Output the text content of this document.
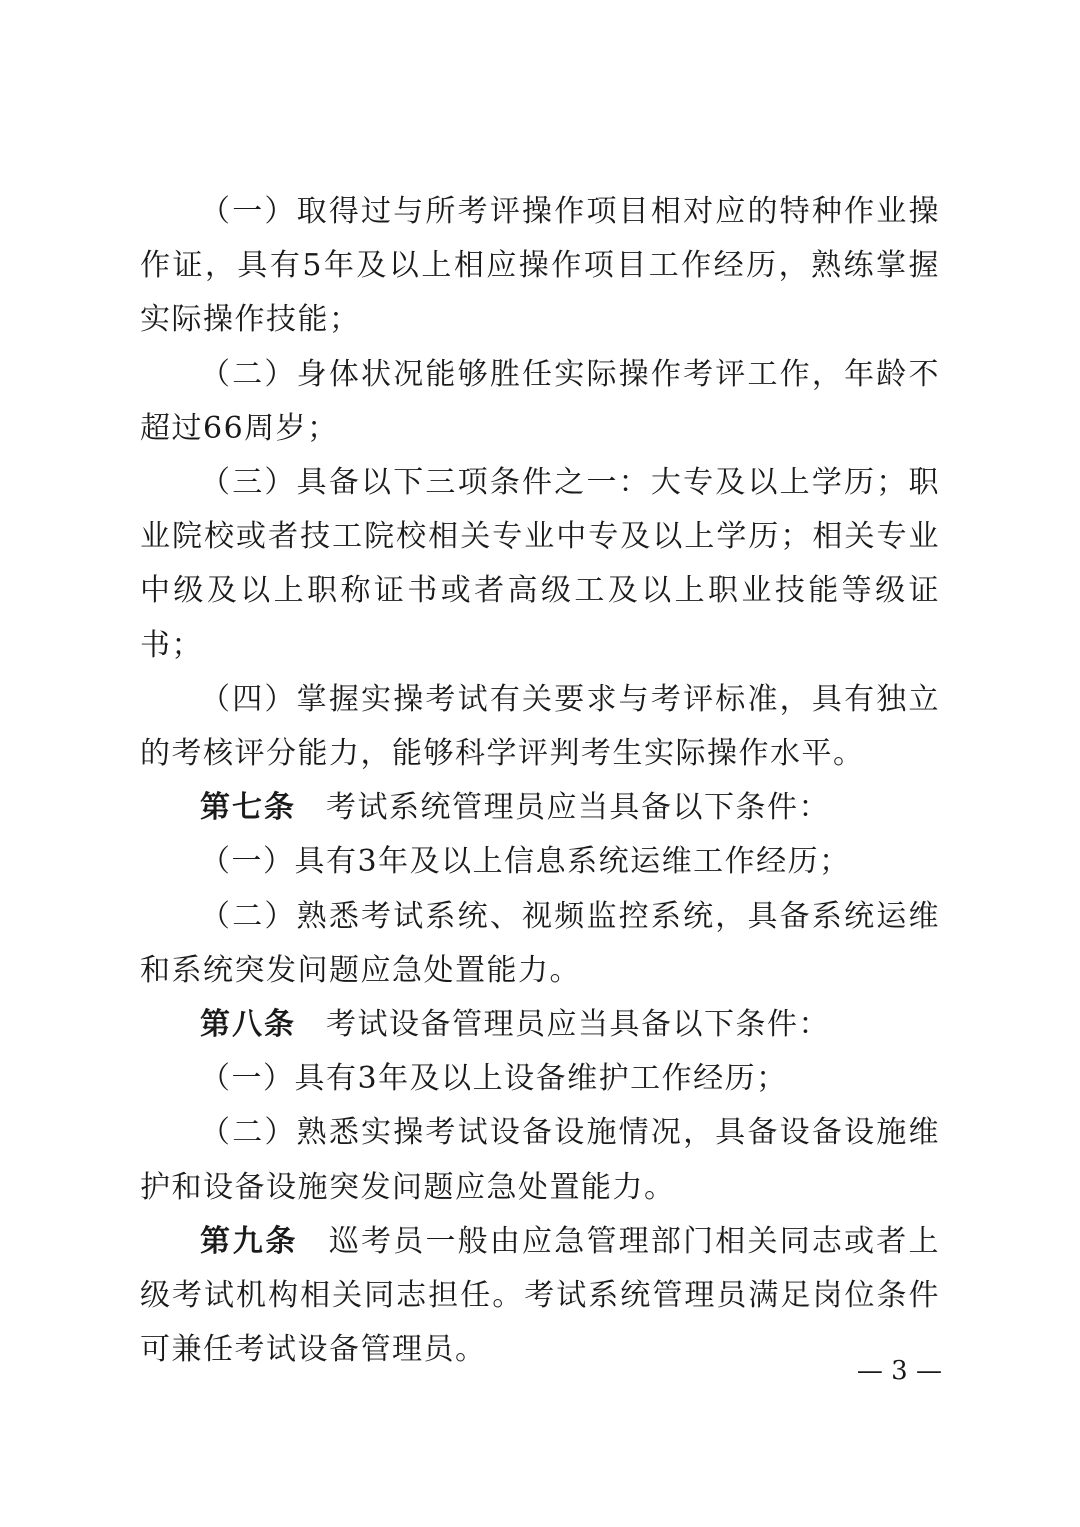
（一）取得过与所考评操作项目相对应的特种作业操作证，具有5年及以上相应操作项目工作经历，熟练掌握实际操作技能；

（二）身体状况能够胜任实际操作考评工作，年龄不超过66周岁；

（三）具备以下三项条件之一：大专及以上学历；职业院校或者技工院校相关专业中专及以上学历；相关专业中级及以上职称证书或者高级工及以上职业技能等级证书；

（四）掌握实操考试有关要求与考评标准，具有独立的考核评分能力，能够科学评判考生实际操作水平。

第七条 考试系统管理员应当具备以下条件：

（一）具有3年及以上信息系统运维工作经历；

（二）熟悉考试系统、视频监控系统，具备系统运维和系统突发问题应急处置能力。

第八条 考试设备管理员应当具备以下条件：

（一）具有3年及以上设备维护工作经历；

（二）熟悉实操考试设备设施情况，具备设备设施维护和设备设施突发问题应急处置能力。

第九条 巡考员一般由应急管理部门相关同志或者上级考试机构相关同志担任。考试系统管理员满足岗位条件可兼任考试设备管理员。

— 3 —
